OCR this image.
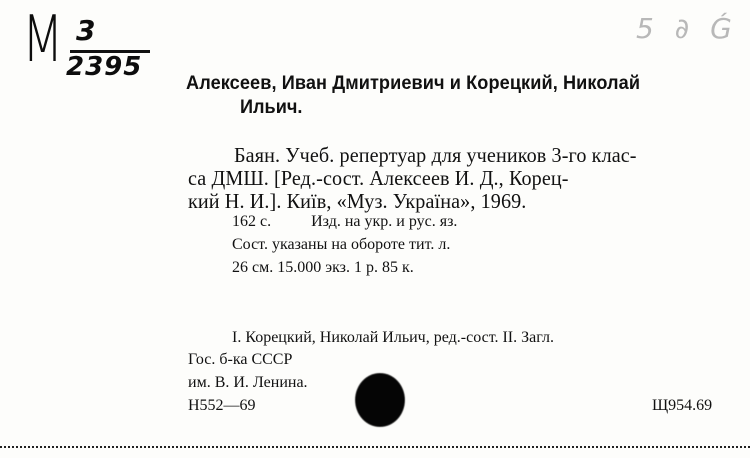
М 3
2395
5 ∂ Ǵ
Алексеев, Иван Дмитриевич и Корецкий, Николай
Ильич.
Баян. Учеб. репертуар для учеников 3-го клас-
са ДМШ. [Ред.-сост. Алексеев И. Д., Корец-
кий Н. И.]. Київ, «Муз. Україна», 1969.
162 с.	Изд. на укр. и рус. яз.
Сост. указаны на обороте тит. л.
26 см. 15.000 экз. 1 р. 85 к.
I. Корецкий, Николай Ильич, ред.-сост. II. Загл.
Гос. б-ка СССР
им. В. И. Ленина.
Н552—69	Щ954.69
